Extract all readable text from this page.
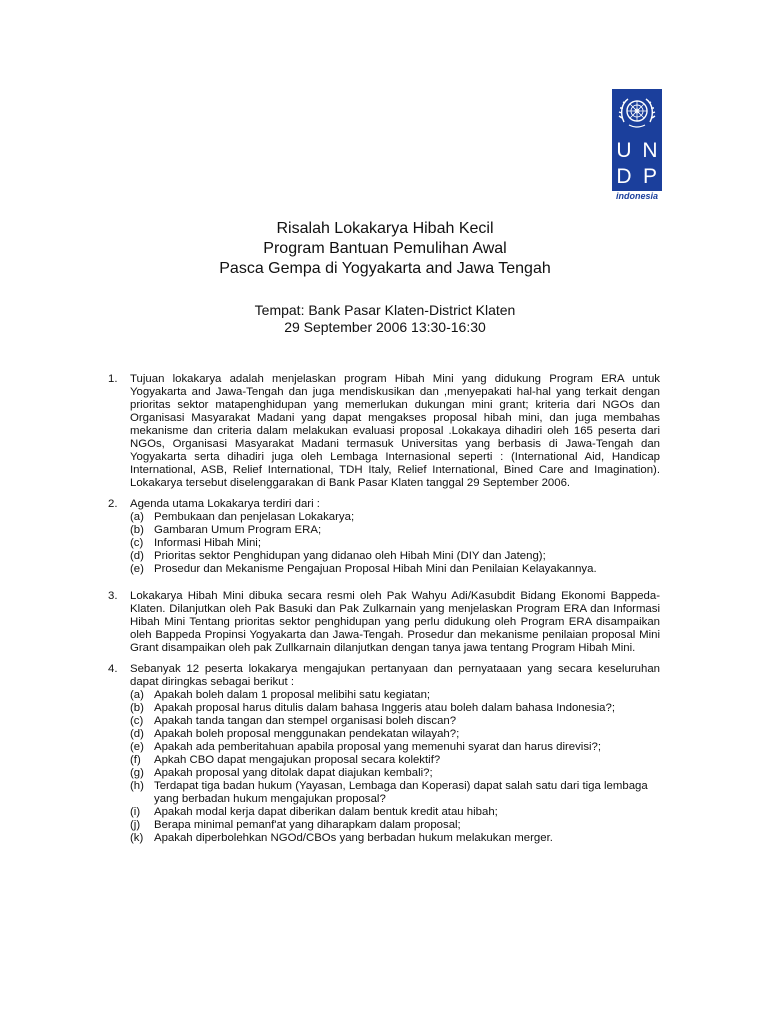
U N
D P
indonesia
Risalah Lokakarya Hibah Kecil
Program Bantuan Pemulihan Awal
Pasca Gempa di Yogyakarta and Jawa Tengah
Tempat: Bank Pasar Klaten-District Klaten
29 September 2006 13:30-16:30
1. Tujuan lokakarya adalah menjelaskan program Hibah Mini yang didukung Program ERA untuk Yogyakarta and Jawa-Tengah dan juga mendiskusikan dan ,menyepakati hal-hal yang terkait dengan prioritas sektor matapenghidupan yang memerlukan dukungan mini grant; kriteria dari NGOs dan Organisasi Masyarakat Madani yang dapat mengakses proposal hibah mini, dan juga membahas mekanisme dan criteria dalam melakukan evaluasi proposal .Lokakaya dihadiri oleh 165 peserta dari NGOs, Organisasi Masyarakat Madani termasuk Universitas yang berbasis di Jawa-Tengah dan Yogyakarta serta dihadiri juga oleh Lembaga Internasional seperti : (International Aid, Handicap International, ASB, Relief International, TDH Italy, Relief International, Bined Care and Imagination). Lokakarya tersebut diselenggarakan di Bank Pasar Klaten tanggal 29 September 2006.
2. Agenda utama Lokakarya terdiri dari :
(a) Pembukaan dan penjelasan Lokakarya;
(b) Gambaran Umum Program ERA;
(c) Informasi Hibah Mini;
(d) Prioritas sektor Penghidupan yang didanao oleh Hibah Mini (DIY dan Jateng);
(e) Prosedur dan Mekanisme Pengajuan Proposal Hibah Mini dan Penilaian Kelayakannya.
3. Lokakarya Hibah Mini dibuka secara resmi oleh Pak Wahyu Adi/Kasubdit Bidang Ekonomi Bappeda-Klaten. Dilanjutkan oleh Pak Basuki dan Pak Zulkarnain yang menjelaskan Program ERA dan Informasi Hibah Mini Tentang prioritas sektor penghidupan yang perlu didukung oleh Program ERA disampaikan oleh Bappeda Propinsi Yogyakarta dan Jawa-Tengah. Prosedur dan mekanisme penilaian proposal Mini Grant disampaikan oleh pak Zullkarnain dilanjutkan dengan tanya jawa tentang Program Hibah Mini.
4. Sebanyak 12 peserta lokakarya mengajukan pertanyaan dan pernyataaan yang secara keseluruhan dapat diringkas sebagai berikut :
(a) Apakah boleh dalam 1 proposal melibihi satu kegiatan;
(b) Apakah proposal harus ditulis dalam bahasa Inggeris atau boleh dalam bahasa Indonesia?;
(c) Apakah tanda tangan dan stempel organisasi boleh discan?
(d) Apakah boleh proposal menggunakan pendekatan wilayah?;
(e) Apakah ada pemberitahuan apabila proposal yang memenuhi syarat dan harus direvisi?;
(f) Apkah CBO dapat mengajukan proposal secara kolektif?
(g) Apakah proposal yang ditolak dapat diajukan kembali?;
(h) Terdapat tiga badan hukum (Yayasan, Lembaga dan Koperasi) dapat salah satu dari tiga lembaga yang berbadan hukum mengajukan proposal?
(i) Apakah modal kerja dapat diberikan dalam bentuk kredit atau hibah;
(j) Berapa minimal pemanf'at yang diharapkam dalam proposal;
(k) Apakah diperbolehkan NGOd/CBOs yang berbadan hukum melakukan merger.
